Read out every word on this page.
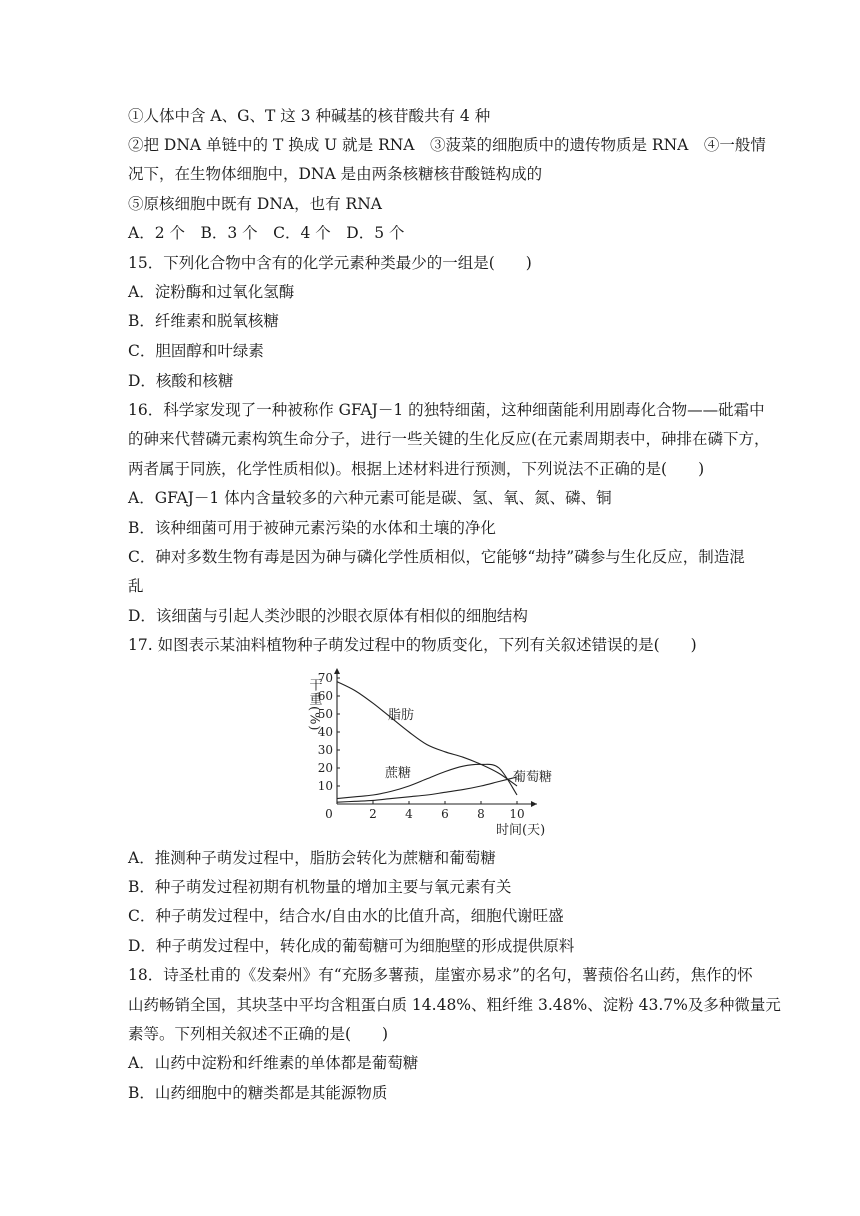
①人体中含 A、G、T 这 3 种碱基的核苷酸共有 4 种
②把 DNA 单链中的 T 换成 U 就是 RNA　③菠菜的细胞质中的遗传物质是 RNA　④一般情
况下，在生物体细胞中，DNA 是由两条核糖核苷酸链构成的
⑤原核细胞中既有 DNA，也有 RNA
A．2 个　B．3 个　C．4 个　D．5 个
15．下列化合物中含有的化学元素种类最少的一组是(　　)
A．淀粉酶和过氧化氢酶
B．纤维素和脱氧核糖
C．胆固醇和叶绿素
D．核酸和核糖
16．科学家发现了一种被称作 GFAJ－1 的独特细菌，这种细菌能利用剧毒化合物——砒霜中
的砷来代替磷元素构筑生命分子，进行一些关键的生化反应(在元素周期表中，砷排在磷下方，
两者属于同族，化学性质相似)。根据上述材料进行预测，下列说法不正确的是(　　)
A．GFAJ－1 体内含量较多的六种元素可能是碳、氢、氧、氮、磷、铜
B．该种细菌可用于被砷元素污染的水体和土壤的净化
C．砷对多数生物有毒是因为砷与磷化学性质相似，它能够“劫持”磷参与生化反应，制造混
乱
D．该细菌与引起人类沙眼的沙眼衣原体有相似的细胞结构
17. 如图表示某油料植物种子萌发过程中的物质变化，下列有关叙述错误的是(　　)
0	2 4 6 8 10
10
20
30
40
50
60
70
脂肪
蔗糖	葡萄糖
干重(%)
时间(天)
A．推测种子萌发过程中，脂肪会转化为蔗糖和葡萄糖
B．种子萌发过程初期有机物量的增加主要与氧元素有关
C．种子萌发过程中，结合水/自由水的比值升高，细胞代谢旺盛
D．种子萌发过程中，转化成的葡萄糖可为细胞壁的形成提供原料
18．诗圣杜甫的《发秦州》有“充肠多薯蓣，崖蜜亦易求”的名句，薯蓣俗名山药，焦作的怀
山药畅销全国，其块茎中平均含粗蛋白质 14.48%、粗纤维 3.48%、淀粉 43.7%及多种微量元
素等。下列相关叙述不正确的是(　　)
A．山药中淀粉和纤维素的单体都是葡萄糖
B．山药细胞中的糖类都是其能源物质
